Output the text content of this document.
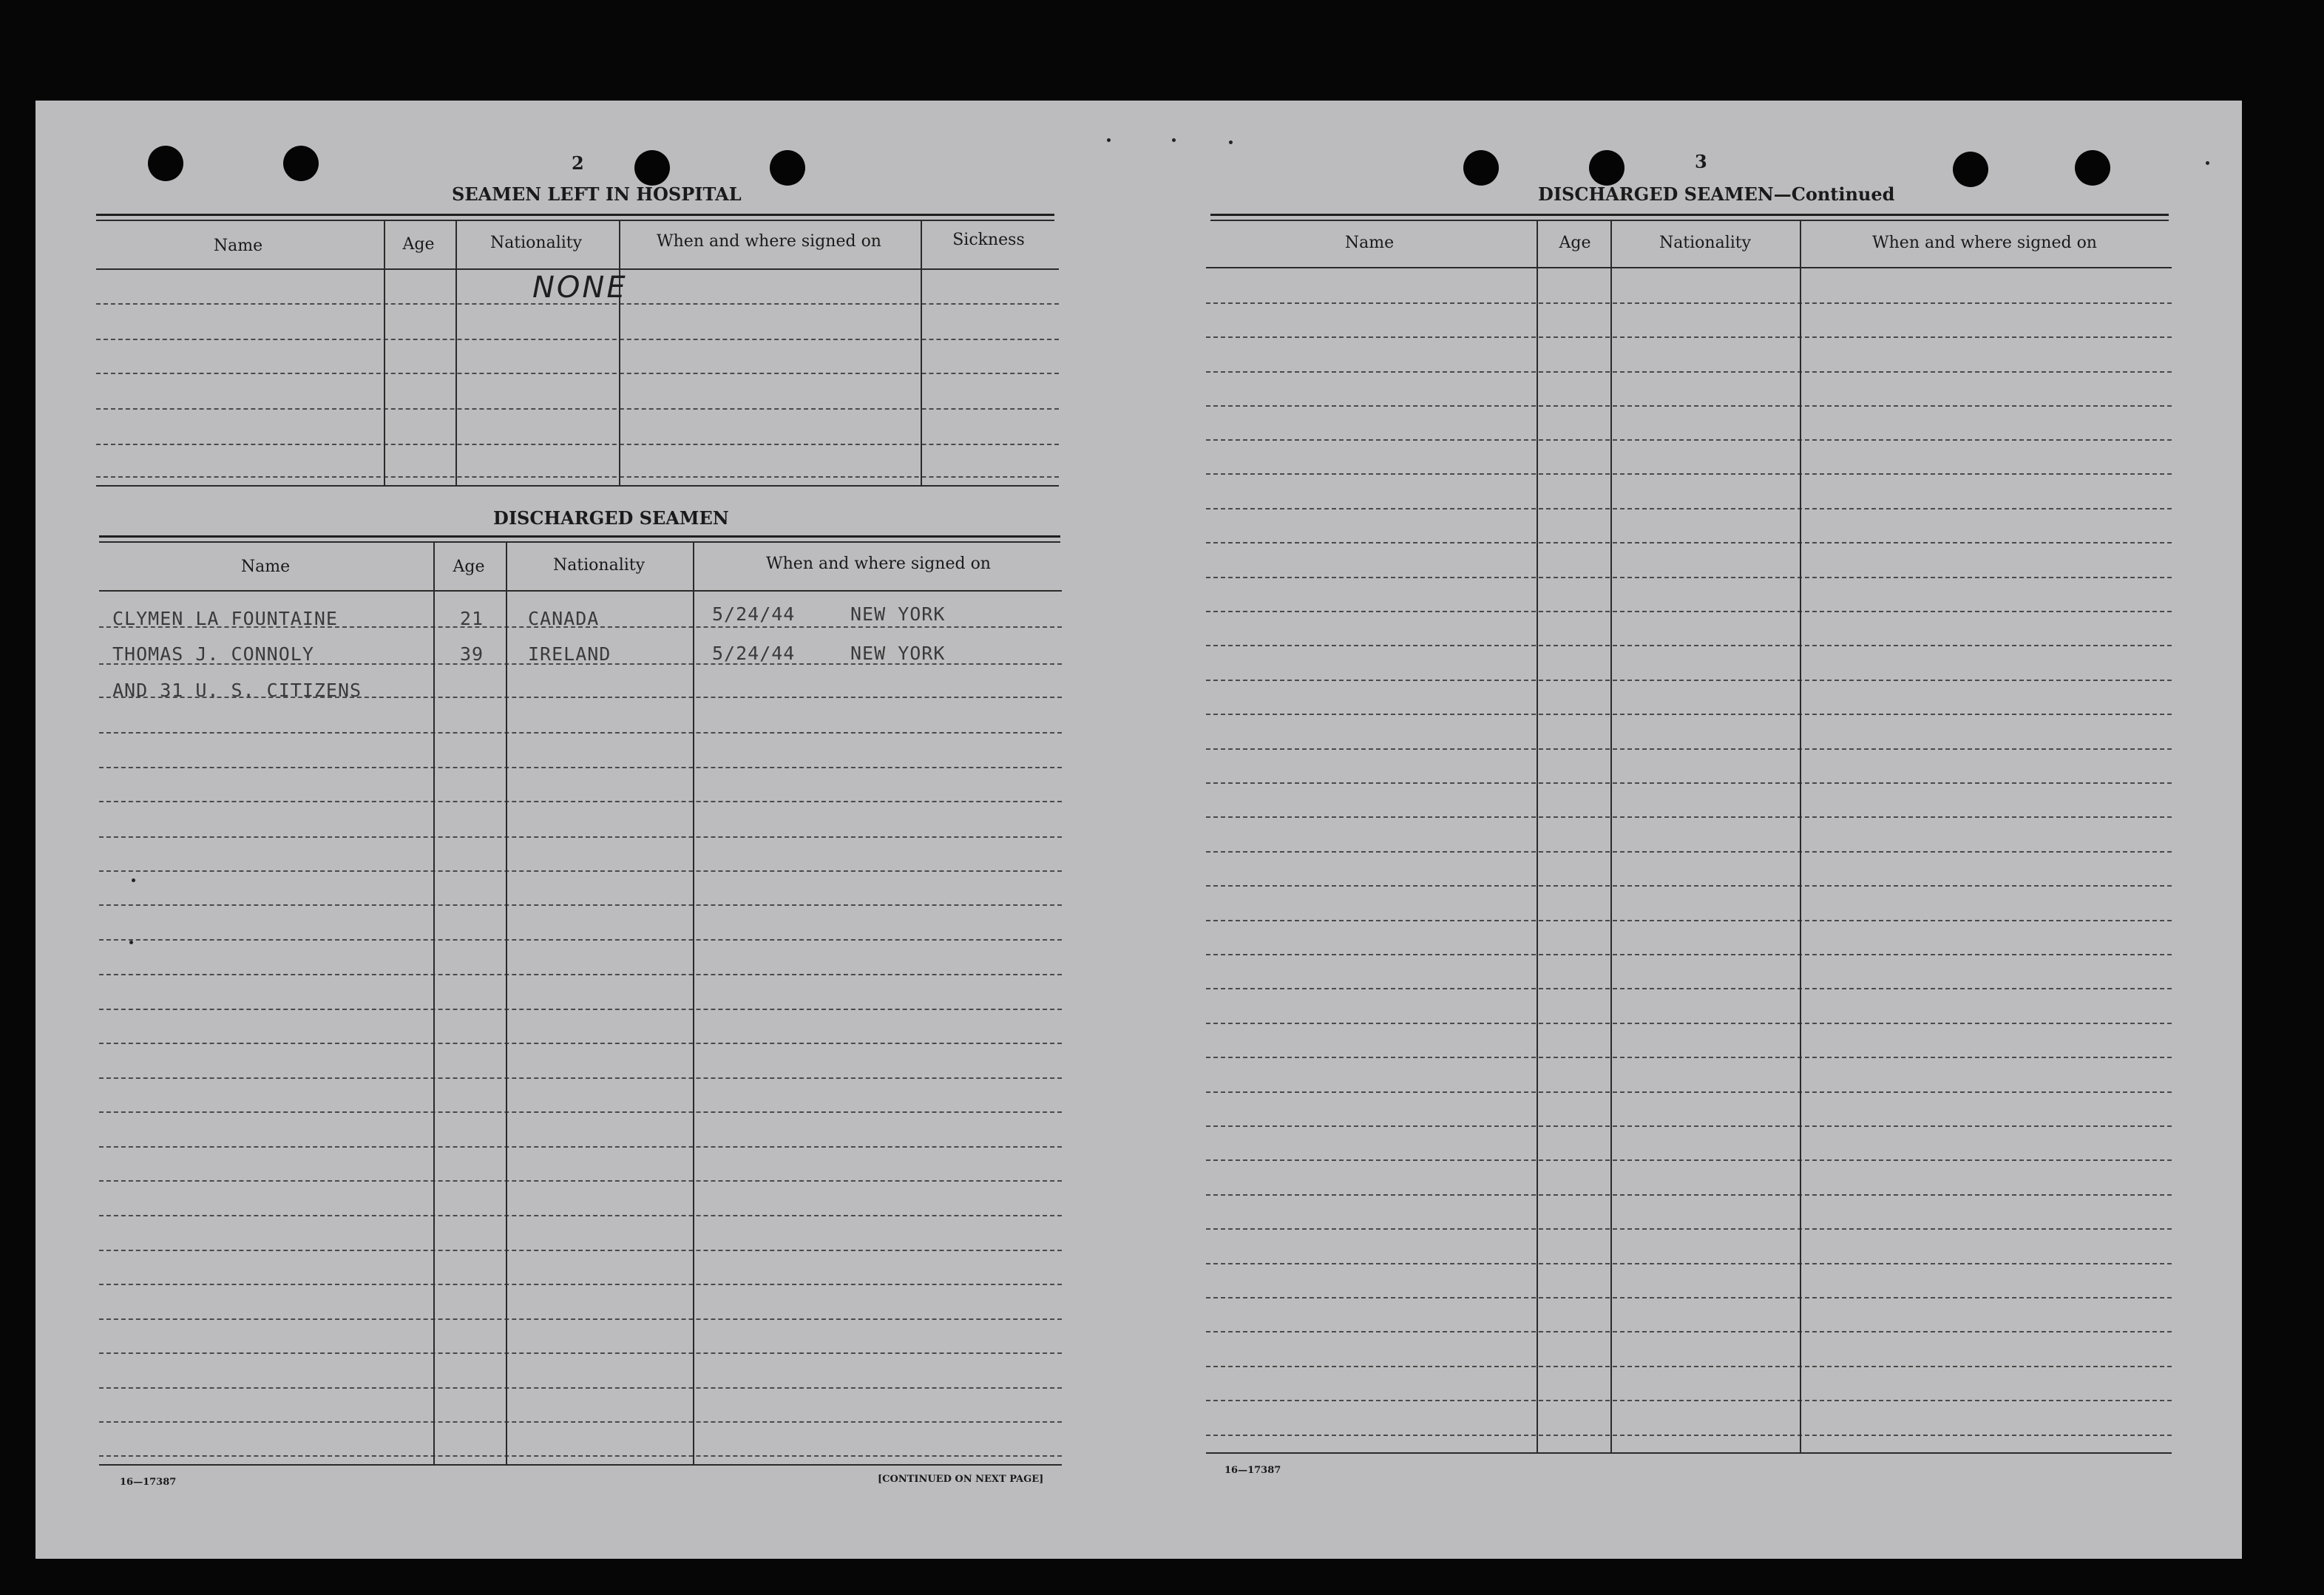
2
SEAMEN LEFT IN HOSPITAL
Name	Age	Nationality	When and where signed on	Sickness
NONE
DISCHARGED SEAMEN
Name	Age	Nationality	When and where signed on
CLYMEN LA FOUNTAINE	21 CANADA	5/24/44	NEW YORK
THOMAS J. CONNOLY	39 IRELAND	5/24/44	NEW YORK
AND 31 U. S. CITIZENS
16—17387	[CONTINUED ON NEXT PAGE]
3
DISCHARGED SEAMEN—Continued
Name	Age	Nationality	When and where signed on
16—17387
